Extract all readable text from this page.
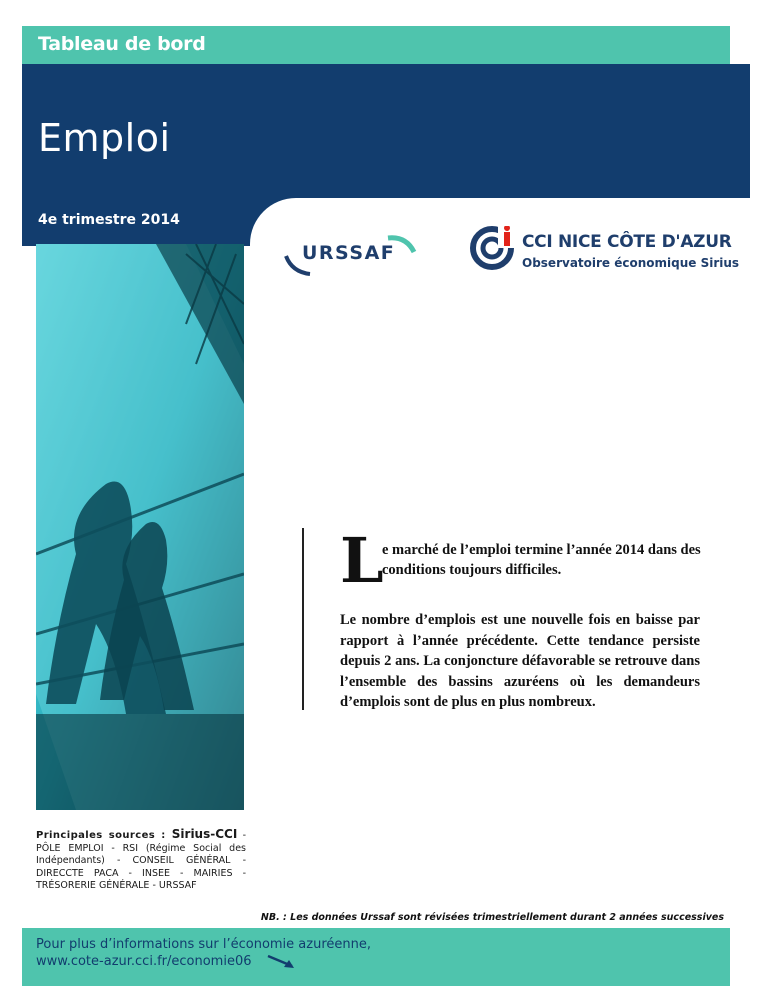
Tableau de bord
Emploi
4e trimestre 2014
URSSAF	CCI NICE CÔTE D'AZUR
Observatoire économique Sirius
L
e marché de l’emploi termine l’année 2014 dans des conditions toujours difficiles.
Le nombre d’emplois est une nouvelle fois en baisse par rapport à l’année précédente. Cette tendance persiste depuis 2 ans. La conjoncture défavorable se retrouve dans l’ensemble des bassins azuréens où les demandeurs d’emplois sont de plus en plus nombreux.
Principales sources : Sirius-CCI - PÔLE EMPLOI - RSI (Régime Social des Indépendants) - CONSEIL GÉNÉRAL - DIRECCTE PACA - INSEE - MAIRIES - TRÉSORERIE GÉNÉRALE - URSSAF
NB. : Les données Urssaf sont révisées trimestriellement durant 2 années successives
Pour plus d’informations sur l’économie azuréenne,
www.cote-azur.cci.fr/economie06
